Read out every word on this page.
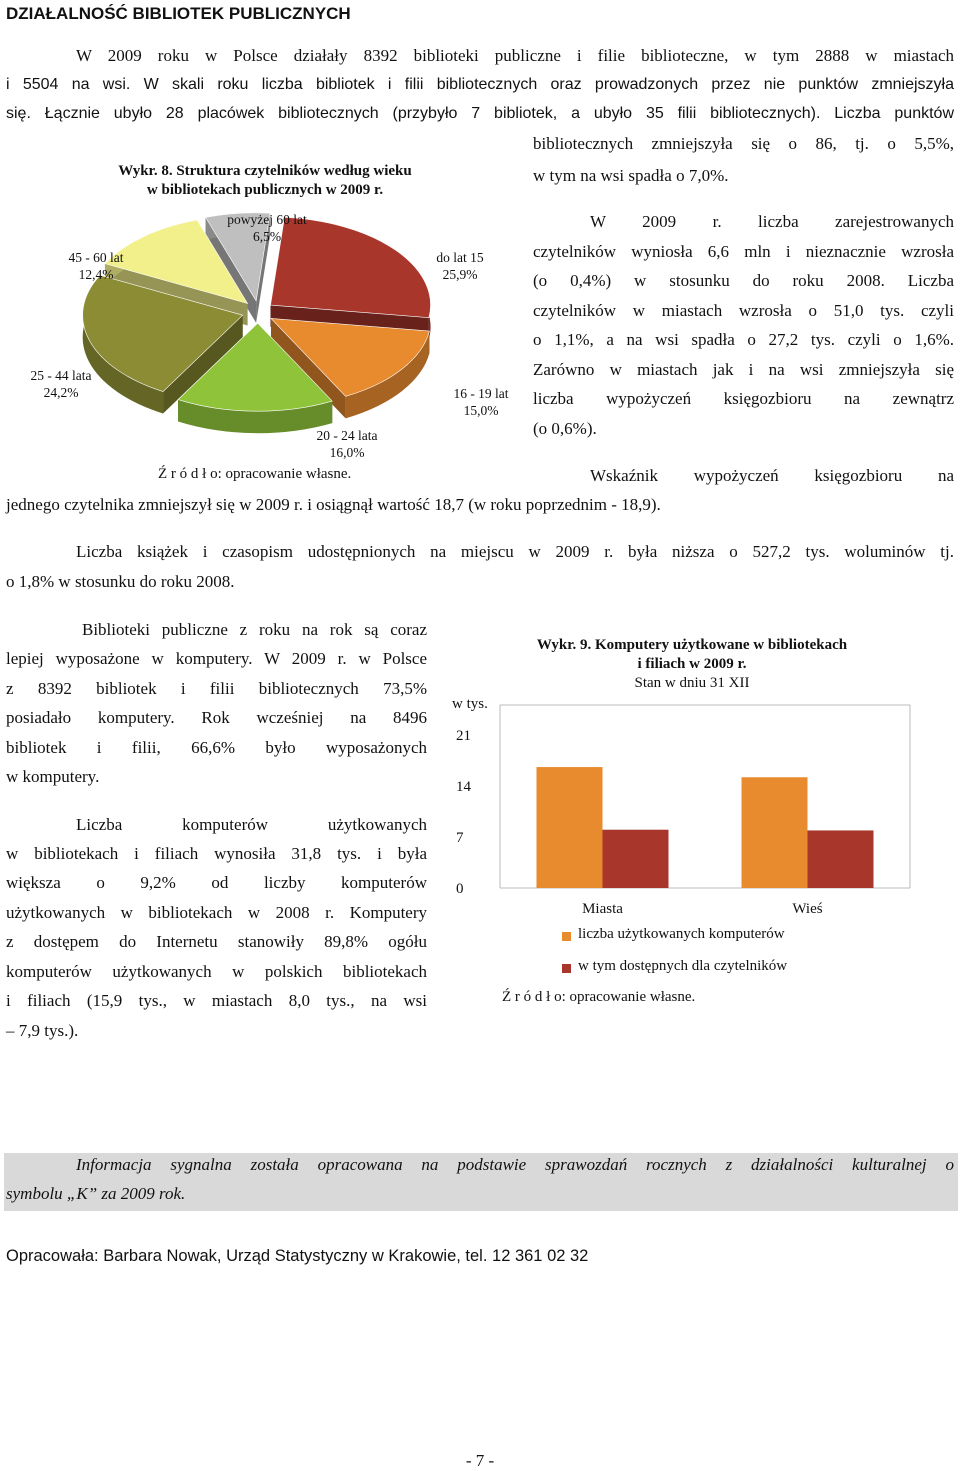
DZIAŁALNOŚĆ BIBLIOTEK PUBLICZNYCH
W 2009 roku w Polsce działały 8392 biblioteki publiczne i filie biblioteczne, w tym 2888 w miastach
i 5504 na wsi. W skali roku liczba bibliotek i filii bibliotecznych oraz prowadzonych przez nie punktów zmniejszyła
się. Łącznie ubyło 28 placówek bibliotecznych (przybyło 7 bibliotek, a ubyło 35 filii bibliotecznych). Liczba punktów
bibliotecznych zmniejszyła się o 86, tj. o 5,5%,
w tym na wsi spadła o 7,0%.
W 2009 r. liczba zarejestrowanych
czytelników wyniosła 6,6 mln i nieznacznie wzrosła
(o 0,4%) w stosunku do roku 2008. Liczba
czytelników w miastach wzrosła o 51,0 tys. czyli
o 1,1%, a na wsi spadła o 27,2 tys. czyli o 1,6%.
Zarówno w miastach jak i na wsi zmniejszyła się
liczba wypożyczeń księgozbioru na zewnątrz
(o 0,6%).
Wskaźnik wypożyczeń księgozbioru na
jednego czytelnika zmniejszył się w 2009 r. i osiągnął wartość 18,7 (w roku poprzednim - 18,9).
Liczba książek i czasopism udostępnionych na miejscu w 2009 r. była niższa o 527,2 tys. woluminów tj.
o 1,8% w stosunku do roku 2008.
Biblioteki publiczne z roku na rok są coraz
lepiej wyposażone w komputery. W 2009 r. w Polsce
z 8392 bibliotek i filii bibliotecznych 73,5%
posiadało komputery. Rok wcześniej na 8496
bibliotek i filii, 66,6% było wyposażonych
w komputery.
Liczba komputerów użytkowanych
w bibliotekach i filiach wynosiła 31,8 tys. i była
większa o 9,2% od liczby komputerów
użytkowanych w bibliotekach w 2008 r. Komputery
z dostępem do Internetu stanowiły 89,8% ogółu
komputerów użytkowanych w polskich bibliotekach
i filiach (15,9 tys., w miastach 8,0 tys., na wsi
– 7,9 tys.).
Wykr. 8. Struktura czytelników według wieku
w bibliotekach publicznych w 2009 r.
do lat 15
25,9%
16 - 19 lat
15,0%
20 - 24 lata
16,0%
25 - 44 lata
24,2%
45 - 60 lat
12,4%
powyżej 60 lat
6,5%
Ź r ó d ł o: opracowanie własne.
Wykr. 9. Komputery użytkowane w bibliotekach
i filiach w 2009 r.
Stan w dniu 31 XII
w tys.
0
7
14
21
Miasta	Wieś
liczba użytkowanych komputerów
w tym dostępnych dla czytelników
Ź r ó d ł o: opracowanie własne.
Informacja sygnalna została opracowana na podstawie sprawozdań rocznych z działalności kulturalnej o
symbolu „K” za 2009 rok.
Opracowała: Barbara Nowak, Urząd Statystyczny w Krakowie, tel. 12 361 02 32
- 7 -
